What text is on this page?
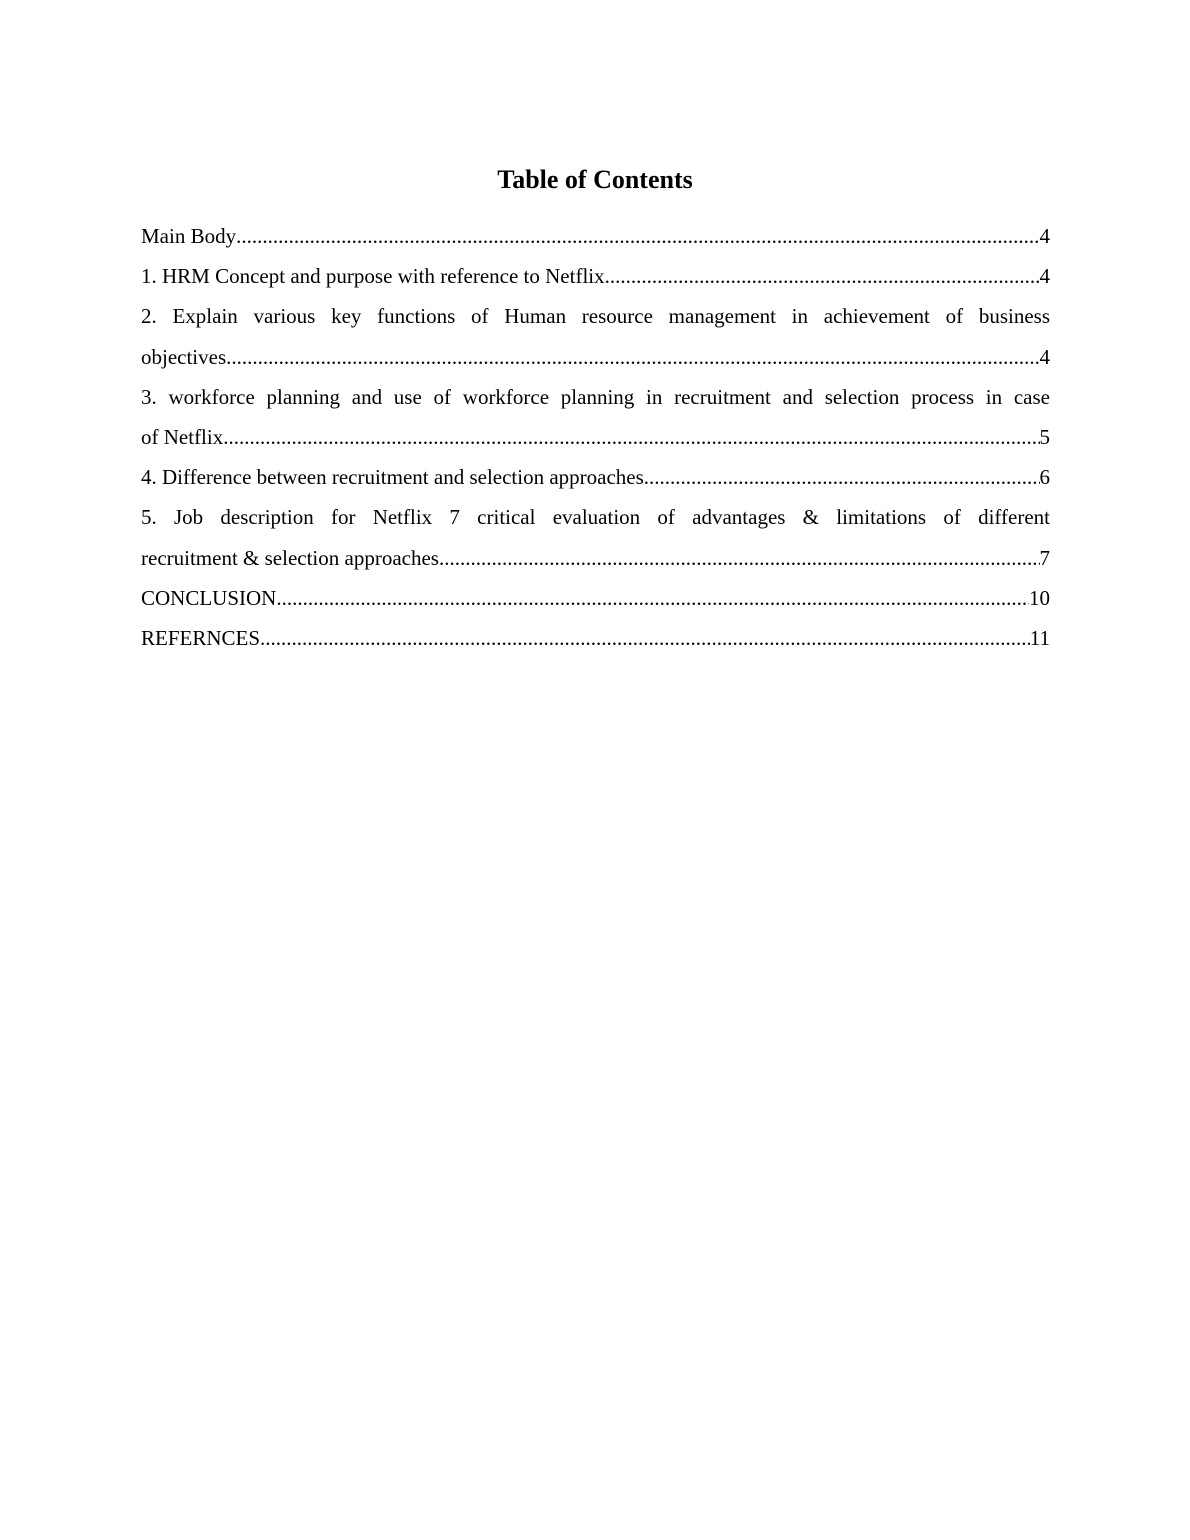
Table of Contents
Main Body .....	4
1. HRM Concept and purpose with reference to Netflix .....	4
2. Explain various key functions of Human resource management in achievement of business
objectives .....	4
3. workforce planning and use of workforce planning in recruitment and selection process in case
of Netflix .....	5
4. Difference between recruitment and selection approaches .....	6
5. Job description for Netflix 7 critical evaluation of advantages & limitations of different
recruitment & selection approaches .....	7
CONCLUSION .....	10
REFERNCES .....	11
